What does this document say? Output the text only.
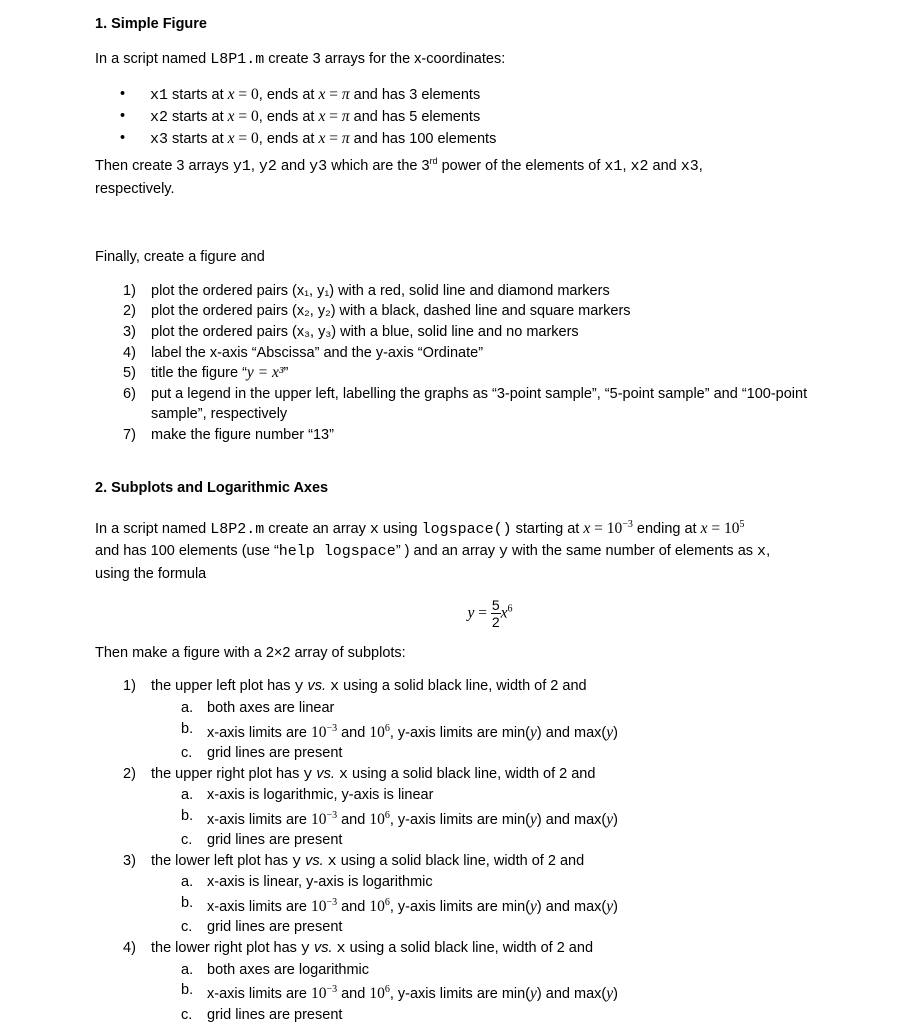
1. Simple Figure

In a script named L8P1.m create 3 arrays for the x-coordinates:

• x1 starts at x = 0, ends at x = π and has 3 elements
• x2 starts at x = 0, ends at x = π and has 5 elements
• x3 starts at x = 0, ends at x = π and has 100 elements

Then create 3 arrays y1, y2 and y3 which are the 3rd power of the elements of x1, x2 and x3,
respectively.

Finally, create a figure and

1) plot the ordered pairs (x₁, y₁) with a red, solid line and diamond markers
2) plot the ordered pairs (x₂, y₂) with a black, dashed line and square markers
3) plot the ordered pairs (x₃, y₃) with a blue, solid line and no markers
4) label the x-axis “Abscissa” and the y-axis “Ordinate”
5) title the figure “y = x³”
6) put a legend in the upper left, labelling the graphs as “3-point sample”, “5-point sample” and “100-point sample”, respectively
7) make the figure number “13”

2. Subplots and Logarithmic Axes

In a script named L8P2.m create an array x using logspace() starting at $x = 10^{-3}$ ending at $x = 10^5$
and has 100 elements (use “help logspace” ) and an array y with the same number of elements as x,
using the formula

$y = \frac{5}{2} x^6$

Then make a figure with a 2×2 array of subplots:

1) the upper left plot has y vs. x using a solid black line, width of 2 and
a. both axes are linear
b. x-axis limits are $10^{-3}$ and $10^6$, y-axis limits are min(y) and max(y)
c. grid lines are present
2) the upper right plot has y vs. x using a solid black line, width of 2 and
a. x-axis is logarithmic, y-axis is linear
b. x-axis limits are $10^{-3}$ and $10^6$, y-axis limits are min(y) and max(y)
c. grid lines are present
3) the lower left plot has y vs. x using a solid black line, width of 2 and
a. x-axis is linear, y-axis is logarithmic
b. x-axis limits are $10^{-3}$ and $10^6$, y-axis limits are min(y) and max(y)
c. grid lines are present
4) the lower right plot has y vs. x using a solid black line, width of 2 and
a. both axes are logarithmic
b. x-axis limits are $10^{-3}$ and $10^6$, y-axis limits are min(y) and max(y)
c. grid lines are present
